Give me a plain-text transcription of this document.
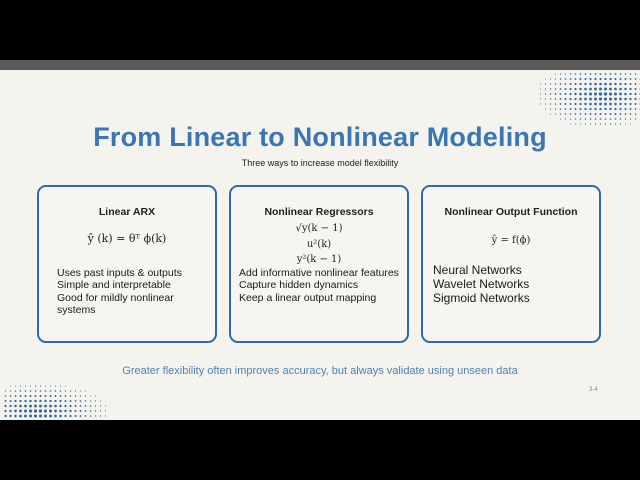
From Linear to Nonlinear Modeling
Three ways to increase model flexibility
Linear ARX
ŷ (k) = θᵀ ϕ(k)
Uses past inputs & outputs
Simple and interpretable
Good for mildly nonlinear systems
Nonlinear Regressors
√y(k − 1)
u²(k)
y²(k − 1)
Add informative nonlinear features
Capture hidden dynamics
Keep a linear output mapping
Nonlinear Output Function
ŷ = f(ϕ)
Neural Networks
Wavelet Networks
Sigmoid Networks
Greater flexibility often improves accuracy, but always validate using unseen data
3-4
